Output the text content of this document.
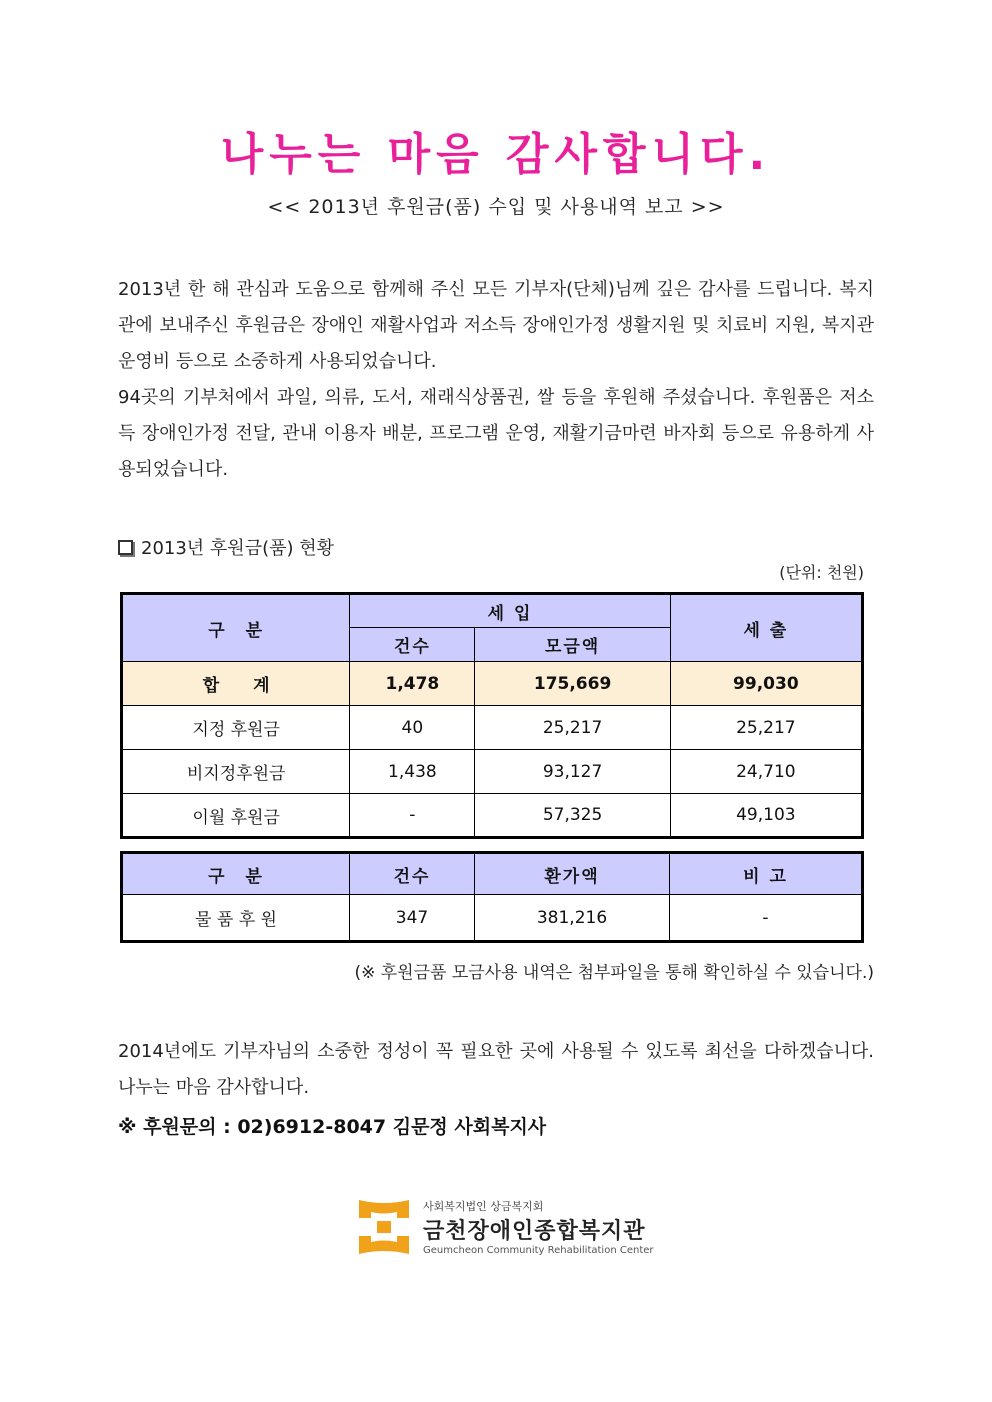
나누는 마음 감사합니다.
<< 2013년 후원금(품) 수입 및 사용내역 보고 >>

2013년 한 해 관심과 도움으로 함께해 주신 모든 기부자(단체)님께 깊은 감사를 드립니다. 복지관에 보내주신 후원금은 장애인 재활사업과 저소득 장애인가정 생활지원 및 치료비 지원, 복지관 운영비 등으로 소중하게 사용되었습니다.

94곳의 기부처에서 과일, 의류, 도서, 재래식상품권, 쌀 등을 후원해 주셨습니다. 후원품은 저소득 장애인가정 전달, 관내 이용자 배분, 프로그램 운영, 재활기금마련 바자회 등으로 유용하게 사용되었습니다.

2013년 후원금(품) 현황
(단위: 천원)
구　분	세 입		세 출
	건수	모금액	
합　　계	1,478	175,669	99,030
지정 후원금	40	25,217	25,217
비지정후원금	1,438	93,127	24,710
이월 후원금	-	57,325	49,103
구　분	건수	환가액	비 고
물 품 후 원	347	381,216	-
(※ 후원금품 모금사용 내역은 첨부파일을 통해 확인하실 수 있습니다.)

2014년에도 기부자님의 소중한 정성이 꼭 필요한 곳에 사용될 수 있도록 최선을 다하겠습니다. 나누는 마음 감사합니다.

※ 후원문의 : 02)6912-8047 김문정 사회복지사
사회복지법인 상금복지회
금천장애인종합복지관
Geumcheon Community Rehabilitation Center
